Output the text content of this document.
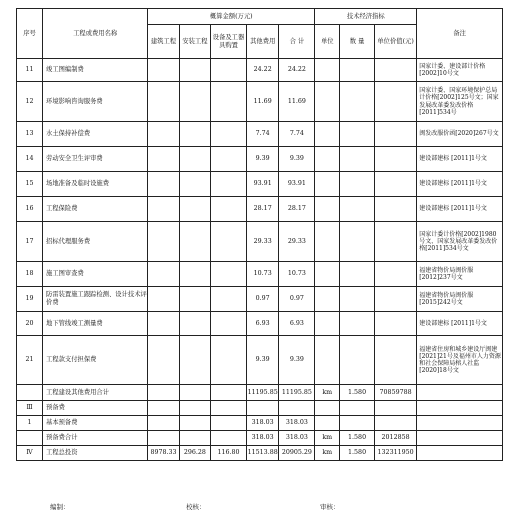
序号	工程或费用名称	概算金额(万元)					技术经济指标			备注
		建筑工程	安装工程	设备及工器具购置	其他费用	合 计	单位	数 量	单位价值(元)	
11	竣工图编制费				24.22	24.22				国家计委、建设部计价格[2002]10号文
12	环境影响咨询服务费				11.69	11.69				国家计委、国家环境保护总局计价格[2002]125号文；国家发展改革委发改价格[2011]534号
13	水土保持补偿费				7.74	7.74				闽发改服价函[2020]267号文
14	劳动安全卫生评审费				9.39	9.39				建设部建标 [2011]1号文
15	场地准备及临时设施费				93.91	93.91				建设部建标 [2011]1号文
16	工程保险费				28.17	28.17				建设部建标 [2011]1号文
17	招标代理服务费				29.33	29.33				国家计委计价格[2002]1980号文、国家发展改革委发改价格[2011]534号文
18	施工图审查费				10.73	10.73				福建省物价局闽价服[2012]237号文
19	防雷装置施工跟踪检测、设计技术评价费				0.97	0.97				福建省物价局闽价服[2015]242号文
20	地下管线竣工测量费				6.93	6.93				建设部建标 [2011]1号文
21	工程款支付担保费				9.39	9.39				福建省住房和城乡建设厅闽建[2021]21号及福州市人力资源和社会保障局榕人社监[2020]18号文
	工程建设其他费用合计				11195.85	11195.85	km	1.580	70859788	
Ⅲ	预备费									
1	基本预备费				318.03	318.03				
	预备费合计				318.03	318.03	km	1.580	2012858	
Ⅳ	工程总投资	8978.33	296.28	116.80	11513.88	20905.29	km	1.580	132311950	
编制：	校核：	审核：
